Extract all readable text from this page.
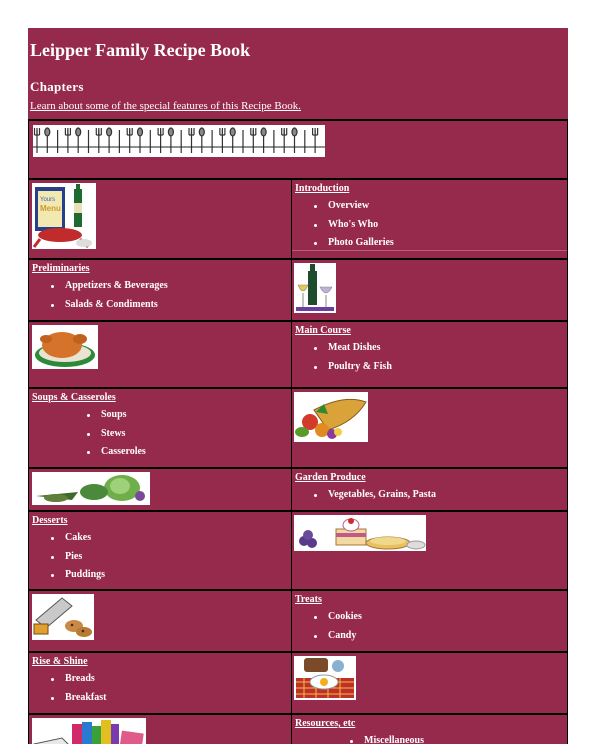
Leipper Family Recipe Book
Chapters
Learn about some of the special features of this Recipe Book.
Yours
Menu
Introduction
Overview
Who's Who
Photo Galleries
Preliminaries
Appetizers & Beverages
Salads & Condiments
Main Course
Meat Dishes
Poultry & Fish
Soups & Casseroles
Soups
Stews
Casseroles
Garden Produce
Vegetables, Grains, Pasta
Desserts
Cakes
Pies
Puddings
Treats
Cookies
Candy
Rise & Shine
Breads
Breakfast
Resources, etc
Miscellaneous
